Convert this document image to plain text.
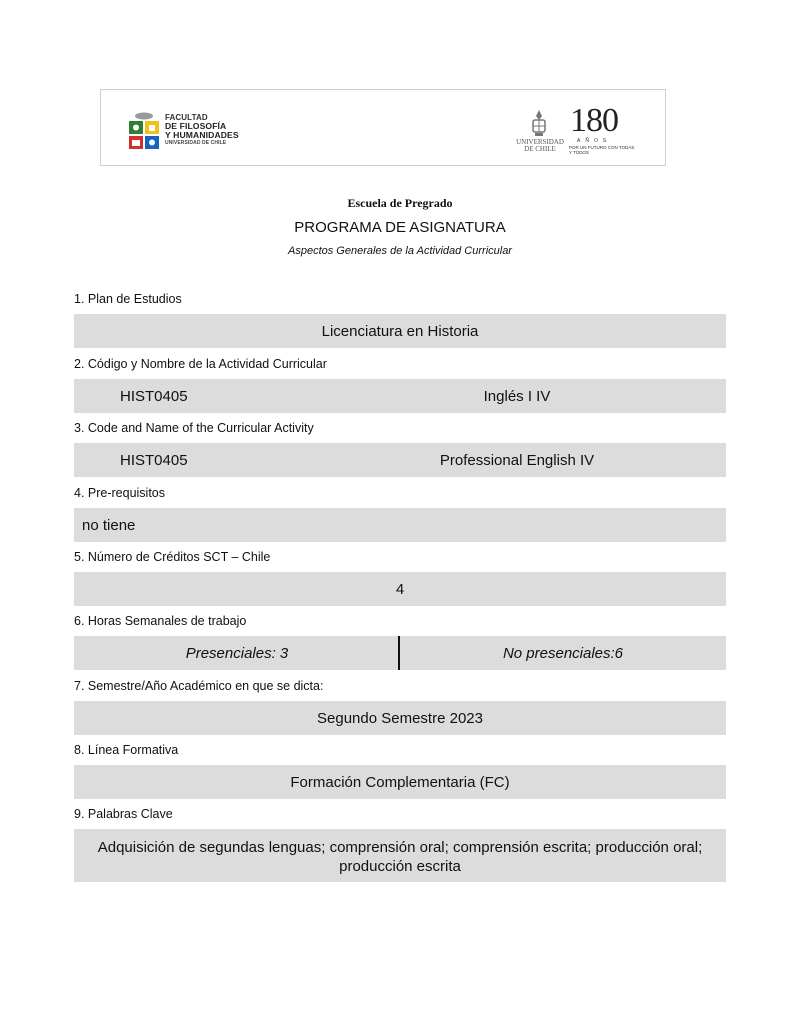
FACULTAD
DE FILOSOFÍA
Y HUMANIDADES
UNIVERSIDAD DE CHILE	UNIVERSIDAD
DE CHILE
180
AÑOS
POR UN FUTURO CON TODAS Y TODOS
Escuela de Pregrado
PROGRAMA DE ASIGNATURA
Aspectos Generales de la Actividad Curricular
1. Plan de Estudios
Licenciatura en Historia
2. Código y Nombre de la Actividad Curricular
HIST0405	Inglés I IV
3. Code and Name of the Curricular Activity
HIST0405	Professional English IV
4. Pre-requisitos
no tiene
5. Número de Créditos SCT – Chile
4
6. Horas Semanales de trabajo
Presenciales: 3	No presenciales:6
7. Semestre/Año Académico en que se dicta:
Segundo Semestre 2023
8. Línea Formativa
Formación Complementaria (FC)
9. Palabras Clave
Adquisición de segundas lenguas; comprensión oral; comprensión escrita; producción oral;
producción escrita
